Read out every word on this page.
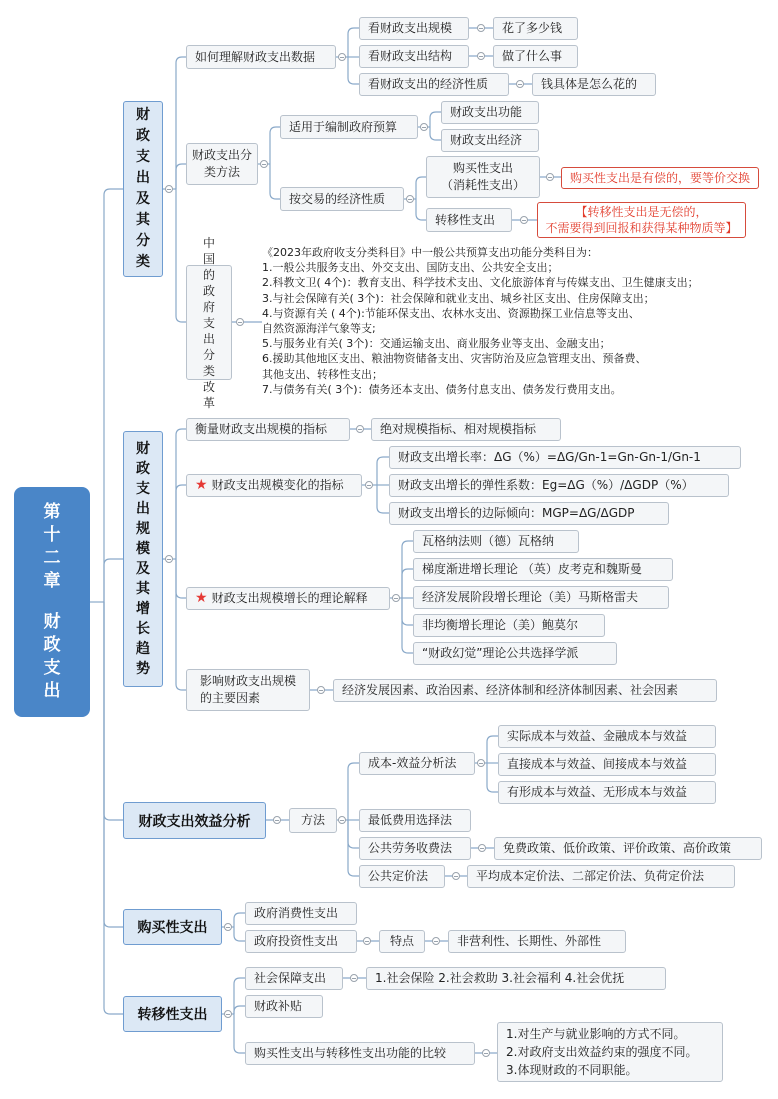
第
十
二
章
财
政
支
出
财
政
支
出
及
其
分
类
如何理解财政支出数据
看财政支出规模	花了多少钱
看财政支出结构	做了什么事
看财政支出的经济性质	钱具体是怎么花的
财政支出分类方法
适用于编制政府预算
财政支出功能
财政支出经济
按交易的经济性质
购买性支出
（消耗性支出）	购买性支出是有偿的，要等价交换
转移性支出
【转移性支出是无偿的，
不需要得到回报和获得某种物质等】
中
国
的
政
府
支
出
分
类
改
革
《2023年政府收支分类科目》中一般公共预算支出功能分类科目为：
1.一般公共服务支出、外交支出、国防支出、公共安全支出；
2.科教文卫( 4个)：教育支出、科学技术支出、文化旅游体育与传媒支出、卫生健康支出；
3.与社会保障有关( 3个)：社会保障和就业支出、城乡社区支出、住房保障支出；
4.与资源有关 ( 4个):节能环保支出、农林水支出、资源勘探工业信息等支出、
自然资源海洋气象等支;
5.与服务业有关( 3个)：交通运输支出、商业服务业等支出、金融支出；
6.援助其他地区支出、粮油物资储备支出、灾害防治及应急管理支出、预备费、
其他支出、转移性支出；
7.与债务有关( 3个)：债务还本支出、债务付息支出、债务发行费用支出。
财
政
支
出
规
模
及
其
增
长
趋
势
衡量财政支出规模的指标	绝对规模指标、相对规模指标
★ 财政支出规模变化的指标
财政支出增长率：ΔG（%）=ΔG/Gn-1=Gn-Gn-1/Gn-1
财政支出增长的弹性系数：Eg=ΔG（%）/ΔGDP（%）
财政支出增长的边际倾向：MGP=ΔG/ΔGDP
★ 财政支出规模增长的理论解释
瓦格纳法则（德）瓦格纳
梯度渐进增长理论 （英）皮考克和魏斯曼
经济发展阶段增长理论（美）马斯格雷夫
非均衡增长理论（美）鲍莫尔
“财政幻觉”理论公共选择学派
影响财政支出规模
的主要因素
经济发展因素、政治因素、经济体制和经济体制因素、社会因素
财政支出效益分析	方法
成本-效益分析法
实际成本与效益、金融成本与效益
直接成本与效益、间接成本与效益
有形成本与效益、无形成本与效益
最低费用选择法
公共劳务收费法	免费政策、低价政策、评价政策、高价政策
公共定价法	平均成本定价法、二部定价法、负荷定价法
购买性支出
政府消费性支出
政府投资性支出	特点	非营利性、长期性、外部性
转移性支出
社会保障支出	1.社会保险 2.社会救助 3.社会福利 4.社会优抚
财政补贴
购买性支出与转移性支出功能的比较
1.对生产与就业影响的方式不同。
2.对政府支出效益约束的强度不同。
3.体现财政的不同职能。
